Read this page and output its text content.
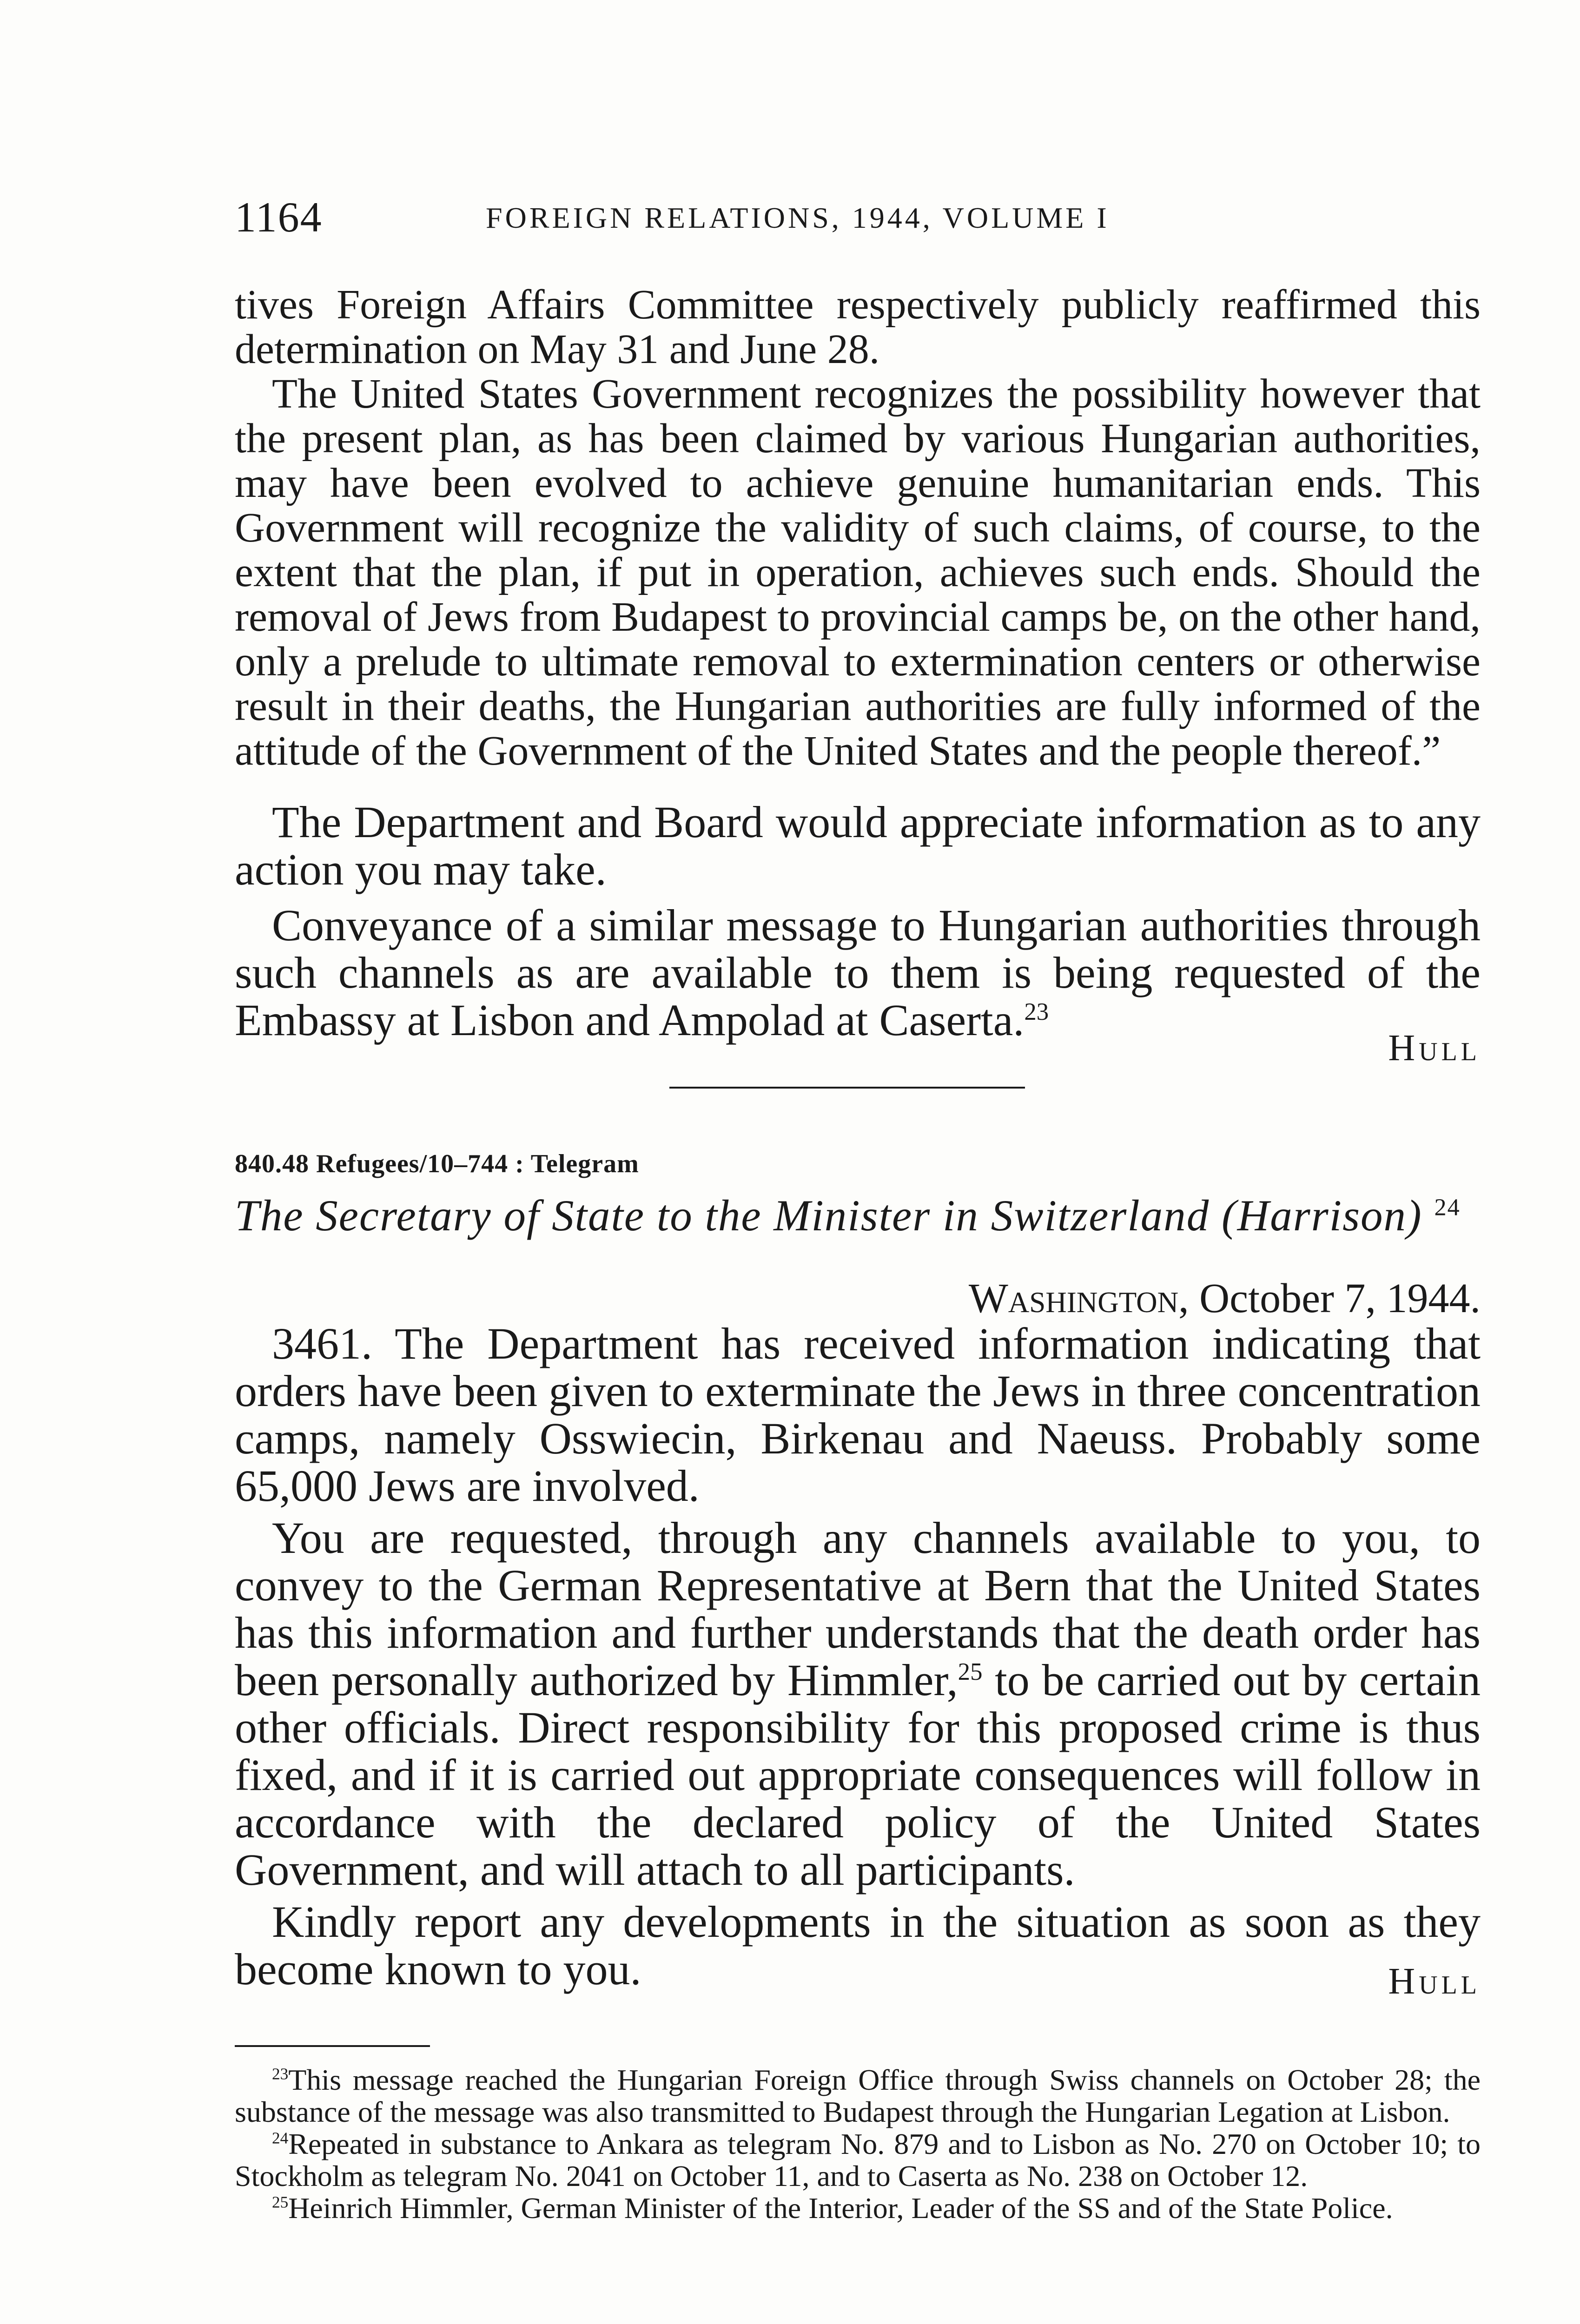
1164	FOREIGN RELATIONS, 1944, VOLUME I

tives Foreign Affairs Committee respectively publicly reaffirmed this determination on May 31 and June 28.

The United States Government recognizes the possibility however that the present plan, as has been claimed by various Hungarian authorities, may have been evolved to achieve genuine humanitarian ends. This Government will recognize the validity of such claims, of course, to the extent that the plan, if put in operation, achieves such ends. Should the removal of Jews from Budapest to provincial camps be, on the other hand, only a prelude to ultimate removal to extermination centers or otherwise result in their deaths, the Hungarian authorities are fully informed of the attitude of the Government of the United States and the people thereof.”

The Department and Board would appreciate information as to any action you may take.

Conveyance of a similar message to Hungarian authorities through such channels as are available to them is being requested of the Embassy at Lisbon and Ampolad at Caserta.$^{23}$

Hull
840.48 Refugees/10–744 : Telegram
The Secretary of State to the Minister in Switzerland (Harrison) $^{24}$
Washington, October 7, 1944.

3461. The Department has received information indicating that orders have been given to exterminate the Jews in three concentration camps, namely Osswiecin, Birkenau and Naeuss. Probably some 65,000 Jews are involved.

You are requested, through any channels available to you, to convey to the German Representative at Bern that the United States has this information and further understands that the death order has been personally authorized by Himmler,$^{25}$ to be carried out by certain other officials. Direct responsibility for this proposed crime is thus fixed, and if it is carried out appropriate consequences will follow in accordance with the declared policy of the United States Government, and will attach to all participants.

Kindly report any developments in the situation as soon as they become known to you.	Hull

$^{23}$This message reached the Hungarian Foreign Office through Swiss channels on October 28; the substance of the message was also transmitted to Budapest through the Hungarian Legation at Lisbon.

$^{24}$Repeated in substance to Ankara as telegram No. 879 and to Lisbon as No. 270 on October 10; to Stockholm as telegram No. 2041 on October 11, and to Caserta as No. 238 on October 12.

$^{25}$Heinrich Himmler, German Minister of the Interior, Leader of the SS and of the State Police.
